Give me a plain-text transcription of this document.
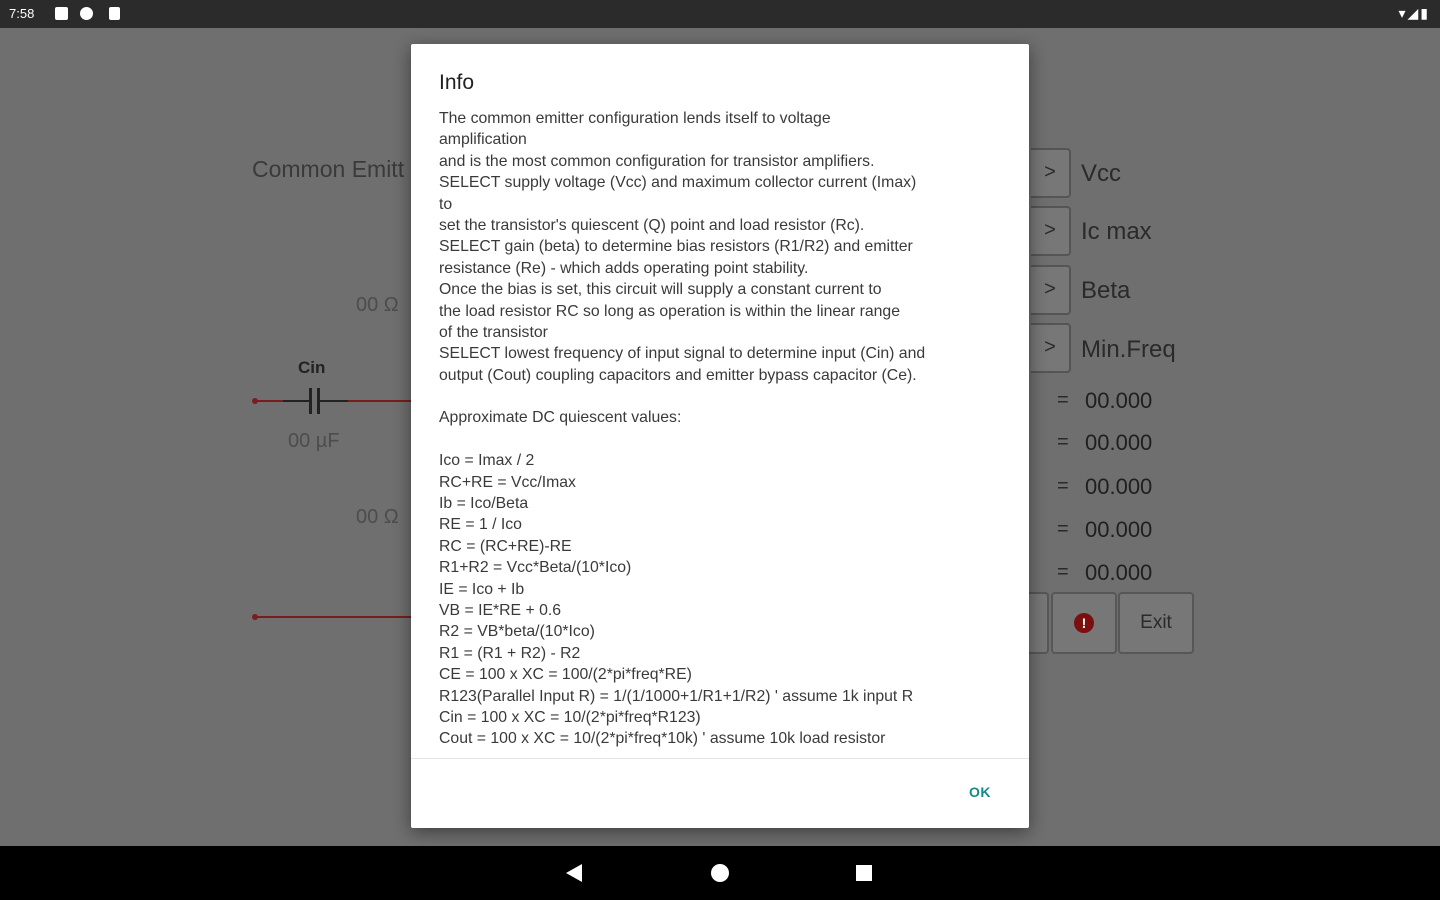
7:58	▾◢▮
Common Emitt
00 Ω
00 Ω
Cin
00 µF
>	Vcc
>	Ic max
>	Beta
>	Min.Freq
= 00.000
= 00.000
= 00.000
= 00.000
= 00.000
!	Exit
Info
The common emitter configuration lends itself to voltage
amplification
and is the most common configuration for transistor amplifiers.
SELECT supply voltage (Vcc) and maximum collector current (Imax)
to
set the transistor's quiescent (Q) point and load resistor (Rc).
SELECT gain (beta) to determine bias resistors (R1/R2) and emitter
resistance (Re) - which adds operating point stability.
Once the bias is set, this circuit will supply a constant current to
the load resistor RC so long as operation is within the linear range
of the transistor
SELECT lowest frequency of input signal to determine input (Cin) and
output (Cout) coupling capacitors and emitter bypass capacitor (Ce).
Approximate DC quiescent values:
Ico = Imax / 2
RC+RE = Vcc/Imax
Ib = Ico/Beta
RE = 1 / Ico
RC = (RC+RE)-RE
R1+R2 = Vcc*Beta/(10*Ico)
IE = Ico + Ib
VB = IE*RE + 0.6
R2 = VB*beta/(10*Ico)
R1 = (R1 + R2) - R2
CE = 100 x XC = 100/(2*pi*freq*RE)
R123(Parallel Input R) = 1/(1/1000+1/R1+1/R2) ' assume 1k input R
Cin = 100 x XC = 10/(2*pi*freq*R123)
Cout = 100 x XC = 10/(2*pi*freq*10k) ' assume 10k load resistor
OK
